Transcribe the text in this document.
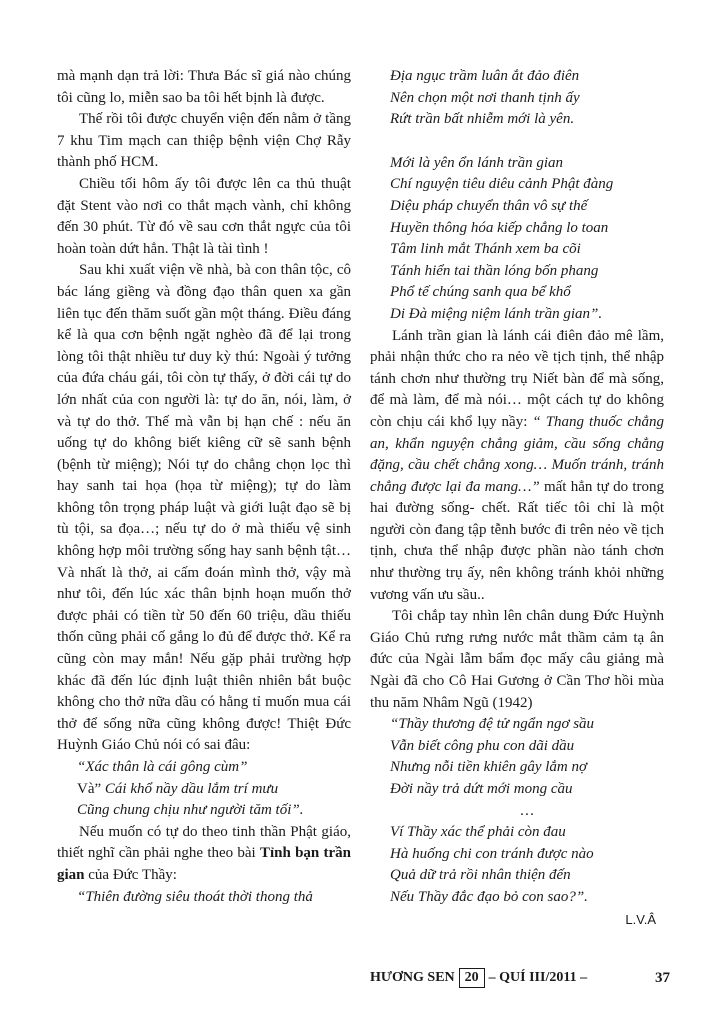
mà mạnh dạn trả lời: Thưa Bác sĩ giá nào chúng tôi cũng lo, miễn sao ba tôi hết bịnh là được.

Thế rồi tôi được chuyển viện đến nằm ở tầng 7 khu Tim mạch can thiệp bệnh viện Chợ Rẫy thành phố HCM.

Chiều tối hôm ấy tôi được lên ca thủ thuật đặt Stent vào nơi co thắt mạch vành, chỉ không đến 30 phút. Từ đó về sau cơn thắt ngực của tôi hoàn toàn dứt hẳn. Thật là tài tình !

Sau khi xuất viện về nhà, bà con thân tộc, cô bác láng giềng và đồng đạo thân quen xa gần liên tục đến thăm suốt gần một tháng. Điều đáng kể là qua cơn bệnh ngặt nghèo đã để lại trong lòng tôi thật nhiều tư duy kỳ thú: Ngoài ý tưởng của đứa cháu gái, tôi còn tự thấy, ở đời cái tự do lớn nhất của con người là: tự do ăn, nói, làm, ở và tự do thở. Thế mà vẫn bị hạn chế : nếu ăn uống tự do không biết kiêng cữ sẽ sanh bệnh (bệnh từ miệng); Nói tự do chẳng chọn lọc thì hay sanh tai họa (họa từ miệng); tự do làm không tôn trọng pháp luật và giới luật đạo sẽ bị tù tội, sa đọa…; nếu tự do ở mà thiếu vệ sinh không hợp môi trường sống hay sanh bệnh tật… Và nhất là thở, ai cấm đoán mình thở, vậy mà như tôi, đến lúc xác thân bịnh hoạn muốn thở được phải có tiền từ 50 đến 60 triệu, dầu thiếu thốn cũng phải cố gắng lo đủ để được thở. Kể ra cũng còn may mắn! Nếu gặp phải trường hợp khác đã đến lúc định luật thiên nhiên bắt buộc không cho thở nữa dầu có hằng tỉ muốn mua cái thở để sống nữa cũng không được! Thiệt Đức Huỳnh Giáo Chủ nói có sai đâu:

“Xác thân là cái gông cùm”

Và” Cái khổ nầy dầu lắm trí mưu

Cũng chung chịu như người tăm tối”.

Nếu muốn có tự do theo tinh thần Phật giáo, thiết nghĩ cần phải nghe theo bài Tỉnh bạn trần gian của Đức Thầy:

“Thiên đường siêu thoát thời thong thả

Địa ngục trầm luân ắt đảo điên

Nên chọn một nơi thanh tịnh ấy

Rứt trần bất nhiễm mới là yên.

Mới là yên ổn lánh trần gian

Chí nguyện tiêu diêu cảnh Phật đàng

Diệu pháp chuyển thân vô sự thế

Huyền thông hóa kiếp chẳng lo toan

Tâm linh mắt Thánh xem ba cõi

Tánh hiển tai thần lóng bốn phang

Phổ tế chúng sanh qua bể khổ

Di Đà miệng niệm lánh trần gian”.

Lánh trần gian là lánh cái điên đảo mê lầm, phải nhận thức cho ra nẻo về tịch tịnh, thể nhập tánh chơn như thường trụ Niết bàn để mà sống, để mà làm, để mà nói… một cách tự do không còn chịu cái khổ lụy nầy: “ Thang thuốc chẳng an, khẩn nguyện chẳng giảm, cầu sống chẳng đặng, cầu chết chẳng xong… Muốn tránh, tránh chẳng được lại đa mang…” mất hẳn tự do trong hai đường sống- chết. Rất tiếc tôi chỉ là một người còn đang tập tễnh bước đi trên nẻo về tịch tịnh, chưa thể nhập được phần nào tánh chơn như thường trụ ấy, nên không tránh khỏi những vương vấn ưu sầu..

Tôi chắp tay nhìn lên chân dung Đức Huỳnh Giáo Chủ rưng rưng nước mắt thầm cảm tạ ân đức của Ngài lẫm bẩm đọc mấy câu giảng mà Ngài đã cho Cô Hai Gương ở Cần Thơ hồi mùa thu năm Nhâm Ngũ (1942)

“Thầy thương đệ tử ngẩn ngơ sầu

Vẫn biết công phu con dãi dầu

Nhưng nỗi tiền khiên gây lắm nợ

Đời nầy trả dứt mới mong cầu

…

Ví Thầy xác thể phải còn đau

Hà huống chi con tránh được nào

Quả dữ trả rồi nhân thiện đến

Nếu Thầy đắc đạo bỏ con sao?”.

L.V.Â

HƯƠNG SEN 20 – QUÍ III/2011 –	37
